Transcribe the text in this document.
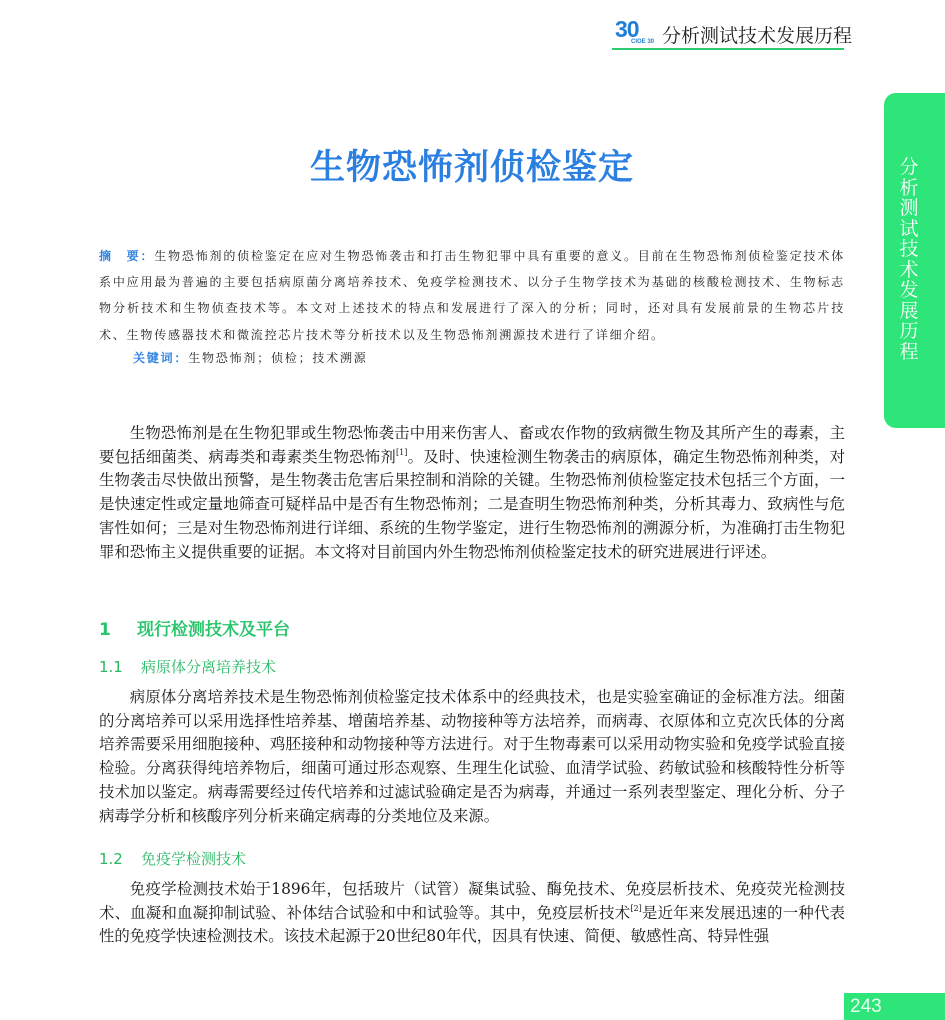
30
CIOE 30 分析测试技术发展历程
分
析
测
试
技
术
发
展
历
程
生物恐怖剂侦检鉴定
摘　要：生物恐怖剂的侦检鉴定在应对生物恐怖袭击和打击生物犯罪中具有重要的意义。目前在生物恐怖剂侦检鉴定技术体系中应用最为普遍的主要包括病原菌分离培养技术、免疫学检测技术、以分子生物学技术为基础的核酸检测技术、生物标志物分析技术和生物侦查技术等。本文对上述技术的特点和发展进行了深入的分析；同时，还对具有发展前景的生物芯片技术、生物传感器技术和微流控芯片技术等分析技术以及生物恐怖剂溯源技术进行了详细介绍。
关键词：生物恐怖剂；侦检；技术溯源

生物恐怖剂是在生物犯罪或生物恐怖袭击中用来伤害人、畜或农作物的致病微生物及其所产生的毒素，主要包括细菌类、病毒类和毒素类生物恐怖剂[1]。及时、快速检测生物袭击的病原体，确定生物恐怖剂种类，对生物袭击尽快做出预警，是生物袭击危害后果控制和消除的关键。生物恐怖剂侦检鉴定技术包括三个方面，一是快速定性或定量地筛查可疑样品中是否有生物恐怖剂；二是查明生物恐怖剂种类，分析其毒力、致病性与危害性如何；三是对生物恐怖剂进行详细、系统的生物学鉴定，进行生物恐怖剂的溯源分析，为准确打击生物犯罪和恐怖主义提供重要的证据。本文将对目前国内外生物恐怖剂侦检鉴定技术的研究进展进行评述。

1 现行检测技术及平台
1.1 病原体分离培养技术

病原体分离培养技术是生物恐怖剂侦检鉴定技术体系中的经典技术，也是实验室确证的金标准方法。细菌的分离培养可以采用选择性培养基、增菌培养基、动物接种等方法培养，而病毒、衣原体和立克次氏体的分离培养需要采用细胞接种、鸡胚接种和动物接种等方法进行。对于生物毒素可以采用动物实验和免疫学试验直接检验。分离获得纯培养物后，细菌可通过形态观察、生理生化试验、血清学试验、药敏试验和核酸特性分析等技术加以鉴定。病毒需要经过传代培养和过滤试验确定是否为病毒，并通过一系列表型鉴定、理化分析、分子病毒学分析和核酸序列分析来确定病毒的分类地位及来源。

1.2 免疫学检测技术

免疫学检测技术始于1896年，包括玻片（试管）凝集试验、酶免技术、免疫层析技术、免疫荧光检测技术、血凝和血凝抑制试验、补体结合试验和中和试验等。其中，免疫层析技术[2]是近年来发展迅速的一种代表性的免疫学快速检测技术。该技术起源于20世纪80年代，因具有快速、简便、敏感性高、特异性强

243
